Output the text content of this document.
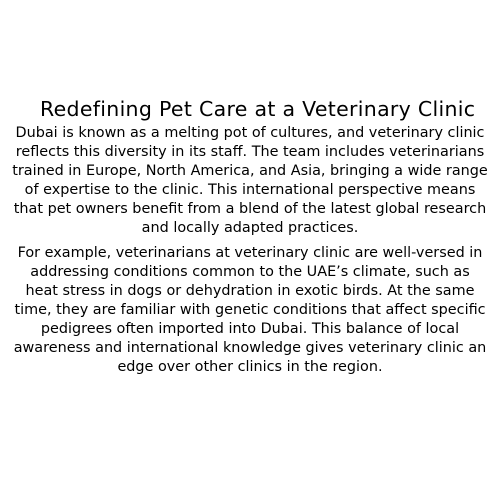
Redefining Pet Care at a Veterinary Clinic

Dubai is known as a melting pot of cultures, and veterinary clinic reflects this diversity in its staff. The team includes veterinarians trained in Europe, North America, and Asia, bringing a wide range of expertise to the clinic. This international perspective means that pet owners benefit from a blend of the latest global research and locally adapted practices.

For example, veterinarians at veterinary clinic are well-versed in addressing conditions common to the UAE’s climate, such as heat stress in dogs or dehydration in exotic birds. At the same time, they are familiar with genetic conditions that affect specific pedigrees often imported into Dubai. This balance of local awareness and international knowledge gives veterinary clinic an edge over other clinics in the region.
